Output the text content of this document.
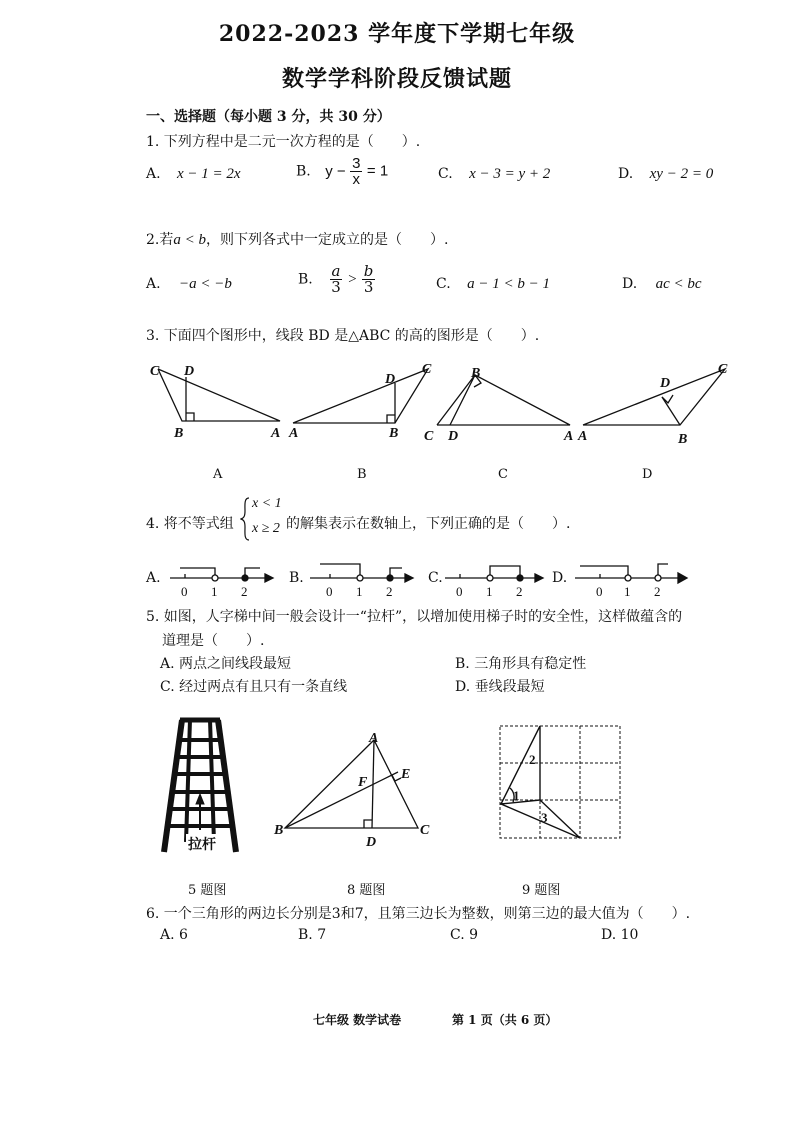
2022-2023 学年度下学期七年级
数学学科阶段反馈试题
一、选择题（每小题 3 分，共 30 分）
1. 下列方程中是二元一次方程的是（　　）.
A. x − 1 = 2x	B. $y - \frac{3}{x} = 1$	C. x − 3 = y + 2	D. xy − 2 = 0
2.若a < b，则下列各式中一定成立的是（　　）.
A. −a < −b	B. $\frac{a}{3} > \frac{b}{3}$	C. a − 1 < b − 1	D. ac < bc
3. 下面四个图形中，线段 BD 是△ABC 的高的图形是（　　）.
C D
B	A A	B
D
C	B
C D	A A
D
C
B
A	B	C	D
4. 将不等式组
x < 1
x ≥ 2 的解集表示在数轴上，下列正确的是（　　）.
A.	B.	C.	D.
0 1 2	0 1 2	0 1 2	0 1 2
5. 如图，人字梯中间一般会设计一“拉杆”，以增加使用梯子时的安全性，这样做蕴含的
道理是（　　）.
A. 两点之间线段最短	B. 三角形具有稳定性
C. 经过两点有且只有一条直线	D. 垂线段最短
拉杆
A
B	C
D
E
F
1
2
3
5 题图	8 题图	9 题图
6. 一个三角形的两边长分别是3和7，且第三边长为整数，则第三边的最大值为（　　）.
A. 6	B. 7	C. 9	D. 10
七年级 数学试卷	第 1 页（共 6 页）
